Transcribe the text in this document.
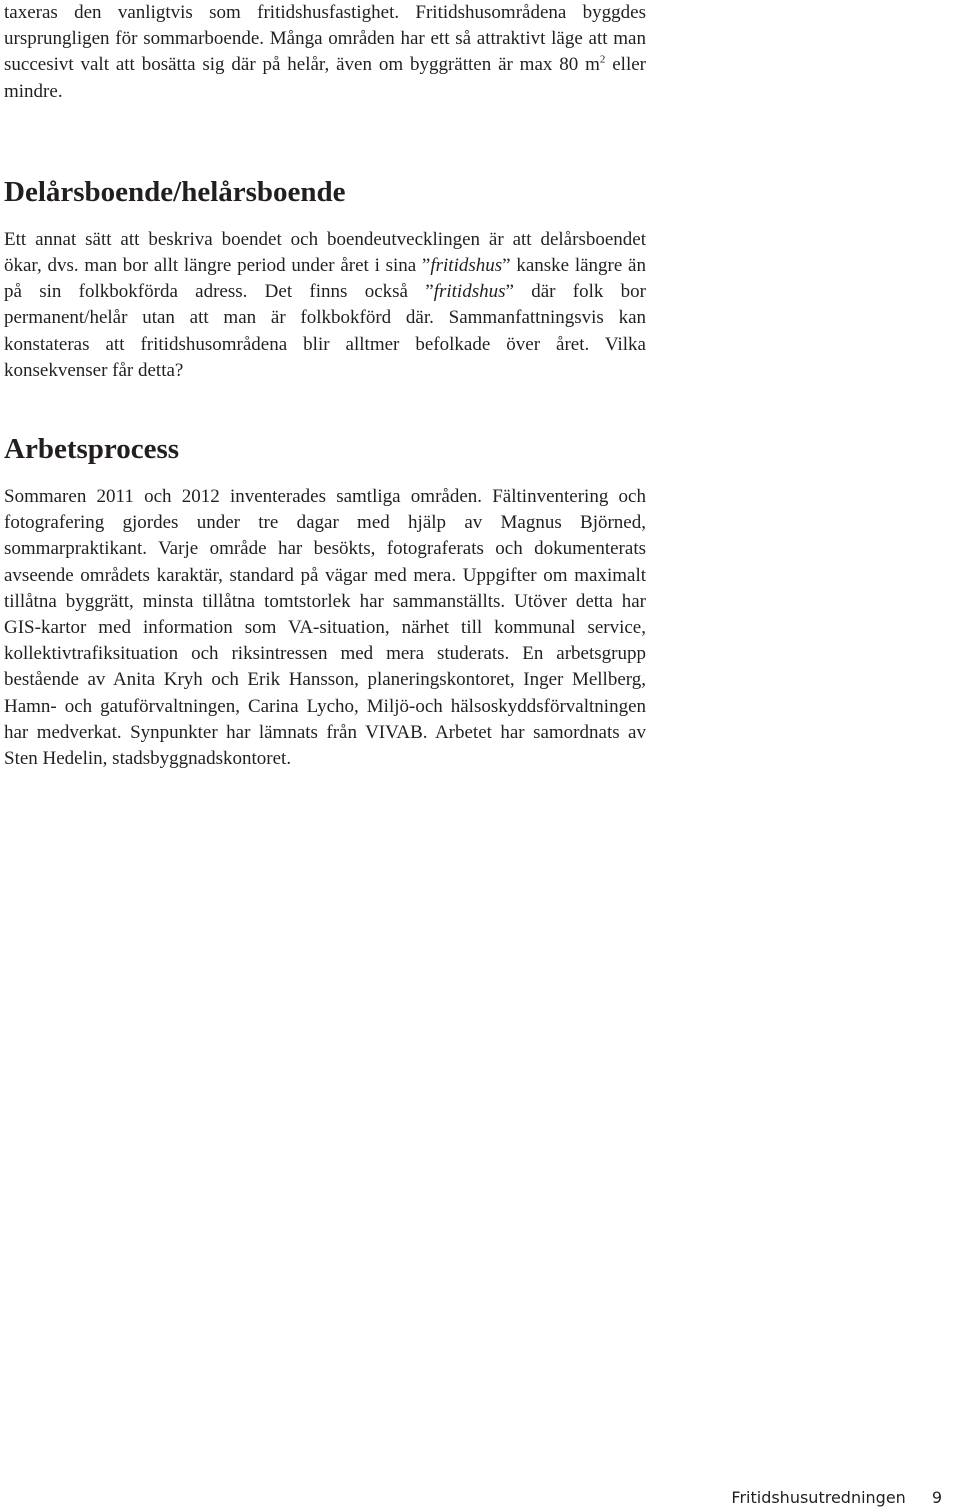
taxeras den vanligtvis som fritidshusfastighet. Fritidshusområdena byggdes ursprungligen för sommarboende. Många områden har ett så attraktivt läge att man succesivt valt att bosätta sig där på helår, även om byggrätten är max 80 $m^2$ eller mindre.

Delårsboende/helårsboende

Ett annat sätt att beskriva boendet och boendeutvecklingen är att delårsboendet ökar, dvs. man bor allt längre period under året i sina ”fritidshus” kanske längre än på sin folkbokförda adress. Det finns också ”fritidshus” där folk bor permanent/helår utan att man är folkbokförd där. Sammanfattningsvis kan konstateras att fritidshusområdena blir alltmer befolkade över året. Vilka konsekvenser får detta?

Arbetsprocess

Sommaren 2011 och 2012 inventerades samtliga områden. Fältinventering och fotografering gjordes under tre dagar med hjälp av Magnus Björned, sommarpraktikant. Varje område har besökts, fotograferats och dokumenterats avseende områdets karaktär, standard på vägar med mera. Uppgifter om maximalt tillåtna byggrätt, minsta tillåtna tomtstorlek har sammanställts. Utöver detta har GIS-kartor med information som VA-situation, närhet till kommunal service, kollektivtrafiksituation och riksintressen med mera studerats. En arbetsgrupp bestående av Anita Kryh och Erik Hansson, planeringskontoret, Inger Mellberg, Hamn- och gatuförvaltningen, Carina Lycho, Miljö-och hälsoskyddsförvaltningen har medverkat. Synpunkter har lämnats från VIVAB. Arbetet har samordnats av Sten Hedelin, stadsbyggnadskontoret.

Fritidshusutredningen 9
